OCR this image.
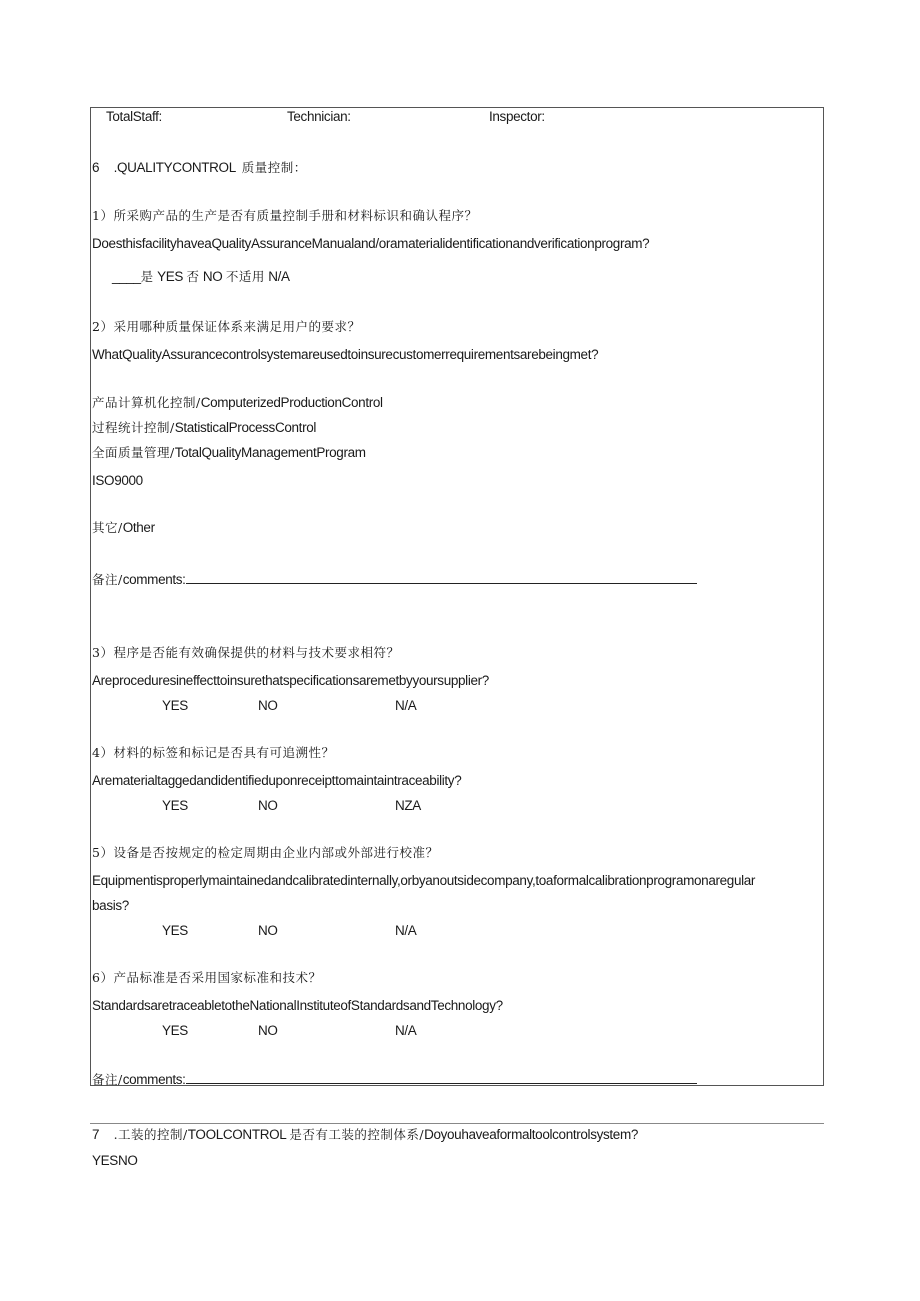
TotalStaff:	Technician:	Inspector:
6 .QUALITYCONTROL 质量控制：
1）所采购产品的生产是否有质量控制手册和材料标识和确认程序？
DoesthisfacilityhaveaQualityAssuranceManualand/oramaterialidentificationandverificationprogram?
____是 YES 否 NO 不适用 N/A
2）采用哪种质量保证体系来满足用户的要求？
WhatQualityAssurancecontrolsystemareusedtoinsurecustomerrequirementsarebeingmet?
产品计算机化控制/ComputerizedProductionControl
过程统计控制/StatisticalProcessControl
全面质量管理/TotalQualityManagementProgram
ISO9000
其它/Other
备注/comments:
3）程序是否能有效确保提供的材料与技术要求相符？
Areproceduresineffecttoinsurethatspecificationsaremetbyyoursupplier?
YES	NO	N/A
4）材料的标签和标记是否具有可追溯性？
Arematerialtaggedandidentifieduponreceipttomaintaintraceability?
YES	NO	NZA
5）设备是否按规定的检定周期由企业内部或外部进行校准？
Equipmentisproperlymaintainedandcalibratedinternally,orbyanoutsidecompany,toaformalcalibrationprogramonaregular
basis?
YES	NO	N/A
6）产品标准是否采用国家标准和技术？
StandardsaretraceabletotheNationalInstituteofStandardsandTechnology?
YES	NO	N/A
备注/comments:
7 .工装的控制/TOOLCONTROL 是否有工装的控制体系/Doyouhaveaformaltoolcontrolsystem?
YESNO
